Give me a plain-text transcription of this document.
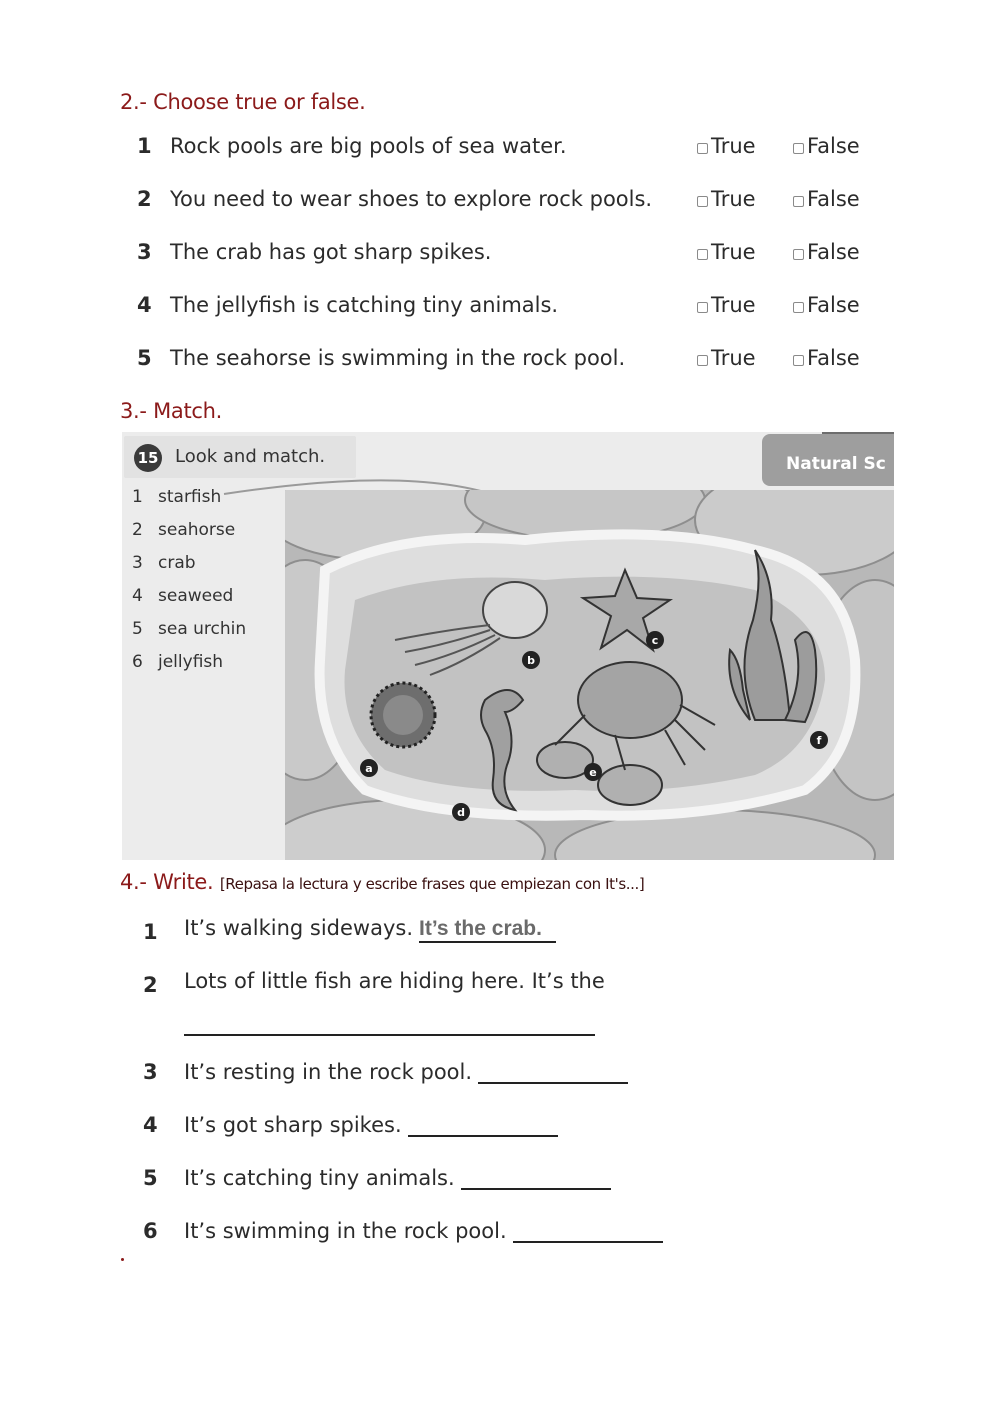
2.- Choose true or false.
1 Rock pools are big pools of sea water.	True False
2 You need to wear shoes to explore rock pools.	True False
3 The crab has got sharp spikes.	True False
4 The jellyfish is catching tiny animals.	True False
5 The seahorse is swimming in the rock pool.	True False
3.- Match.
Natural Sc
15 Look and match.
1 starfish
2 seahorse
3 crab
4 seaweed
5 sea urchin
6 jellyfish
a
b
c
d
e
f
4.- Write. [Repasa la lectura y escribe frases que empiezan con It's...]
1 It’s walking sideways. It’s the crab.
2 Lots of little fish are hiding here. It’s the
3 It’s resting in the rock pool.
4 It’s got sharp spikes.
5 It’s catching tiny animals.
6 It’s swimming in the rock pool.
